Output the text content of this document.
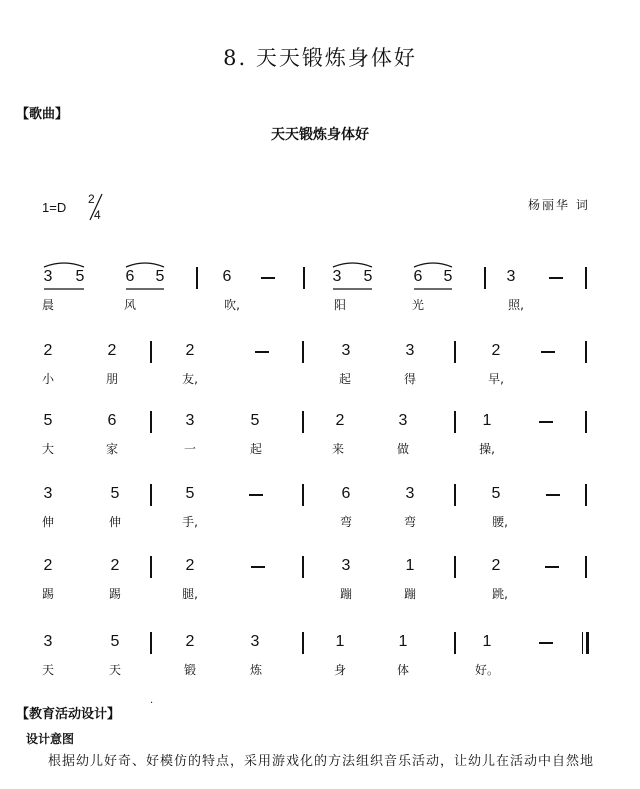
8. 天天锻炼身体好
【歌曲】
天天锻炼身体好
1=D
2
4
杨丽华 词
3 5	6 5	6	3 5	6 5	3
晨	风	吹,	阳	光	照,
2	2	2	3	3	2
小	朋	友,	起	得	早,
5	6	3	5	2	3	1
大	家	一	起	来	做	操,
3	5	5	6	3	5
伸	伸	手,	弯	弯	腰,
2	2	2	3	1	2
踢	踢	腿,	蹦	蹦	跳,
3	5	2	3	1	1	1
天	天	锻	炼	身	体	好。
【教育活动设计】
·
设计意图
根据幼儿好奇、好模仿的特点，采用游戏化的方法组织音乐活动，让幼儿在活动中自然地
